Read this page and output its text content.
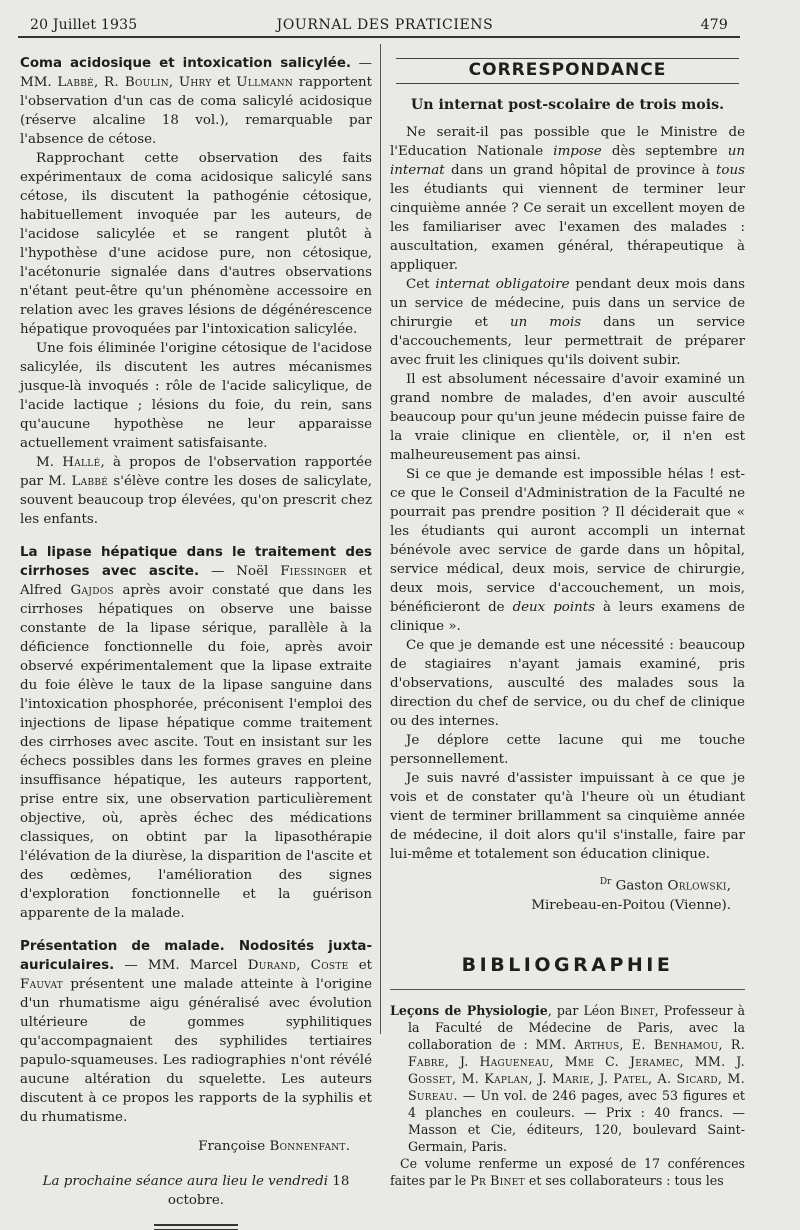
20 Juillet 1935	JOURNAL DES PRATICIENS	479

Coma acidosique et intoxication salicylée. — MM. Labbé, R. Boulin, Uhry et Ullmann rapportent l'observation d'un cas de coma salicylé acidosique (réserve alcaline 18 vol.), remarquable par l'absence de cétose.

Rapprochant cette observation des faits expérimentaux de coma acidosique salicylé sans cétose, ils discutent la pathogénie cétosique, habituellement invoquée par les auteurs, de l'acidose salicylée et se rangent plutôt à l'hypothèse d'une acidose pure, non cétosique, l'acétonurie signalée dans d'autres observations n'étant peut-être qu'un phénomène accessoire en relation avec les graves lésions de dégénérescence hépatique provoquées par l'intoxication salicylée.

Une fois éliminée l'origine cétosique de l'acidose salicylée, ils discutent les autres mécanismes jusque-là invoqués : rôle de l'acide salicylique, de l'acide lactique ; lésions du foie, du rein, sans qu'aucune hypothèse ne leur apparaisse actuellement vraiment satisfaisante.

M. Hallé, à propos de l'observation rapportée par M. Labbé s'élève contre les doses de salicylate, souvent beaucoup trop élevées, qu'on prescrit chez les enfants.

La lipase hépatique dans le traitement des cirrhoses avec ascite. — Noël Fiessinger et Alfred Gajdos après avoir constaté que dans les cirrhoses hépatiques on observe une baisse constante de la lipase sérique, parallèle à la déficience fonctionnelle du foie, après avoir observé expérimentalement que la lipase extraite du foie élève le taux de la lipase sanguine dans l'intoxication phosphorée, préconisent l'emploi des injections de lipase hépatique comme traitement des cirrhoses avec ascite. Tout en insistant sur les échecs possibles dans les formes graves en pleine insuffisance hépatique, les auteurs rapportent, prise entre six, une observation particulièrement objective, où, après échec des médications classiques, on obtint par la lipasothérapie l'élévation de la diurèse, la disparition de l'ascite et des œdèmes, l'amélioration des signes d'exploration fonctionnelle et la guérison apparente de la malade.

Présentation de malade. Nodosités juxta-auriculaires. — MM. Marcel Durand, Coste et Fauvat présentent une malade atteinte à l'origine d'un rhumatisme aigu généralisé avec évolution ultérieure de gommes syphilitiques qu'accompagnaient des syphilides tertiaires papulo-squameuses. Les radiographies n'ont révélé aucune altération du squelette. Les auteurs discutent à ce propos les rapports de la syphilis et du rhumatisme.

Françoise Bonnenfant.
La prochaine séance aura lieu le vendredi 18 octobre.
CORRESPONDANCE
Un internat post-scolaire de trois mois.

Ne serait-il pas possible que le Ministre de l'Education Nationale impose dès septembre un internat dans un grand hôpital de province à tous les étudiants qui viennent de terminer leur cinquième année ? Ce serait un excellent moyen de les familiariser avec l'examen des malades : auscultation, examen général, thérapeutique à appliquer.

Cet internat obligatoire pendant deux mois dans un service de médecine, puis dans un service de chirurgie et un mois dans un service d'accouchements, leur permettrait de préparer avec fruit les cliniques qu'ils doivent subir.

Il est absolument nécessaire d'avoir examiné un grand nombre de malades, d'en avoir ausculté beaucoup pour qu'un jeune médecin puisse faire de la vraie clinique en clientèle, or, il n'en est malheureusement pas ainsi.

Si ce que je demande est impossible hélas ! est-ce que le Conseil d'Administration de la Faculté ne pourrait pas prendre position ? Il déciderait que « les étudiants qui auront accompli un internat bénévole avec service de garde dans un hôpital, service médical, deux mois, service de chirurgie, deux mois, service d'accouchement, un mois, bénéficieront de deux points à leurs examens de clinique ».

Ce que je demande est une nécessité : beaucoup de stagiaires n'ayant jamais examiné, pris d'observations, ausculté des malades sous la direction du chef de service, ou du chef de clinique ou des internes.

Je déplore cette lacune qui me touche personnellement.

Je suis navré d'assister impuissant à ce que je vois et de constater qu'à l'heure où un étudiant vient de terminer brillamment sa cinquième année de médecine, il doit alors qu'il s'installe, faire par lui-même et totalement son éducation clinique.

$^{Dr}$ Gaston Orlowski,
Mirebeau-en-Poitou (Vienne).
BIBLIOGRAPHIE
Leçons de Physiologie, par Léon Binet, Professeur à la Faculté de Médecine de Paris, avec la collaboration de : MM. Arthus, E. Benhamou, R. Fabre, J. Hagueneau, Mme C. Jeramec, MM. J. Gosset, M. Kaplan, J. Marie, J. Patel, A. Sicard, M. Sureau. — Un vol. de 246 pages, avec 53 figures et 4 planches en couleurs. — Prix : 40 francs. — Masson et Cie, éditeurs, 120, boulevard Saint-Germain, Paris.
Ce volume renferme un exposé de 17 conférences faites par le Pr Binet et ses collaborateurs : tous les
